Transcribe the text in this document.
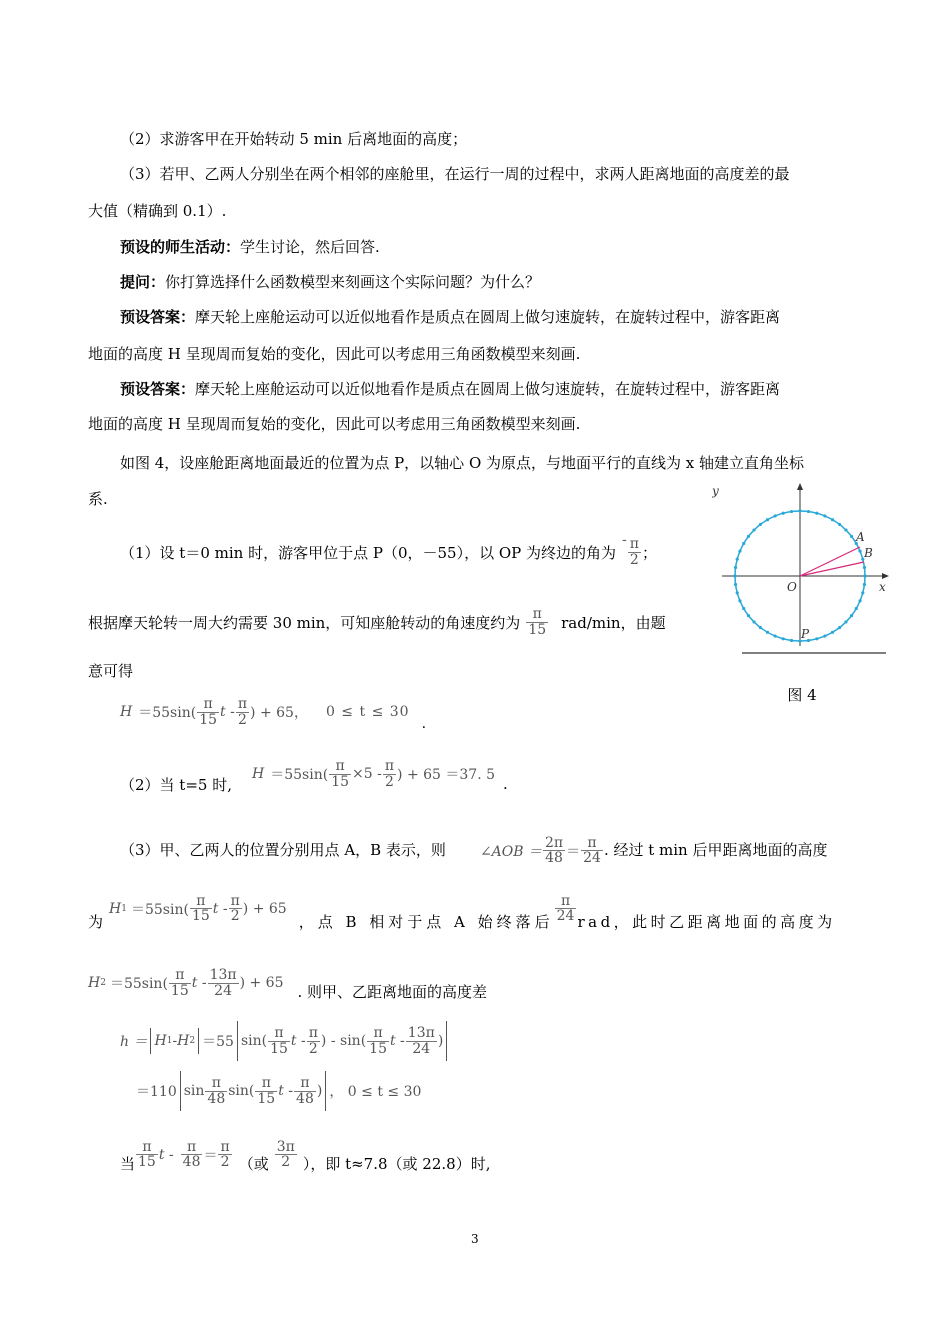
（2）求游客甲在开始转动 5 min 后离地面的高度；
（3）若甲、乙两人分别坐在两个相邻的座舱里，在运行一周的过程中，求两人距离地面的高度差的最
大值（精确到 0.1）.
预设的师生活动：学生讨论，然后回答.
提问：你打算选择什么函数模型来刻画这个实际问题？为什么？
预设答案：摩天轮上座舱运动可以近似地看作是质点在圆周上做匀速旋转，在旋转过程中，游客距离
地面的高度 H 呈现周而复始的变化，因此可以考虑用三角函数模型来刻画.
预设答案：摩天轮上座舱运动可以近似地看作是质点在圆周上做匀速旋转，在旋转过程中，游客距离
地面的高度 H 呈现周而复始的变化，因此可以考虑用三角函数模型来刻画.
如图 4，设座舱距离地面最近的位置为点 P，以轴心 O 为原点，与地面平行的直线为 x 轴建立直角坐标
系.
（1）设 t＝0 min 时，游客甲位于点 P（0，－55），以 OP 为终边的角为
- $\frac{\pi}{2}$ ；
根据摩天轮转一周大约需要 30 min，可知座舱转动的角速度约为 $\frac{\pi}{15} rad/\min$，由题
意可得
$H =55\sin( \frac{\pi}{15}$ t - $\frac{\pi}{2}$ ) + 65， 0 ≤ t ≤ 30
.
（2）当 t=5 时,
$H =55\sin( \frac{\pi}{15} \times 5 - \frac{\pi}{2}$ ) + 65 ＝37. 5 .
（3）甲、乙两人的位置分别用点 A，B 表示，则 ∠AOB ＝ $\frac{2\pi}{48} = \frac{\pi}{24}$ . 经过 t min 后甲距离地面的高度
为
H $1 =55\sin( \frac{\pi}{15}$ t - $\frac{\pi}{2}$ ) + 65
，点 B 相对于点 A 始终落后 $\frac{\pi}{24}$ rad，此时乙距离地面的高度为
H $2 =55\sin( \frac{\pi}{15}$ t - $\frac{13\pi}{24}$ ) + 65 . 则甲、乙距离地面的高度差
h ＝ H 1 - H 2 ＝55 $\sin( \frac{\pi}{15}$ t - $\frac{\pi}{2}$ ) - $\sin( \frac{\pi}{15}$ t - $\frac{13\pi}{24}$ )
＝110 $\sin \frac{\pi}{48} \sin( \frac{\pi}{15}$ t - $\frac{\pi}{48}$ ) ， 0 ≤ t ≤ 30
当 $\frac{\pi}{15}$ $t - \frac{\pi}{48} = \frac{\pi}{2}$ （或 $\frac{3\pi}{2}$ ），即 t≈7.8（或 22.8）时,
y
x
O
A
B
P
图 4
3
